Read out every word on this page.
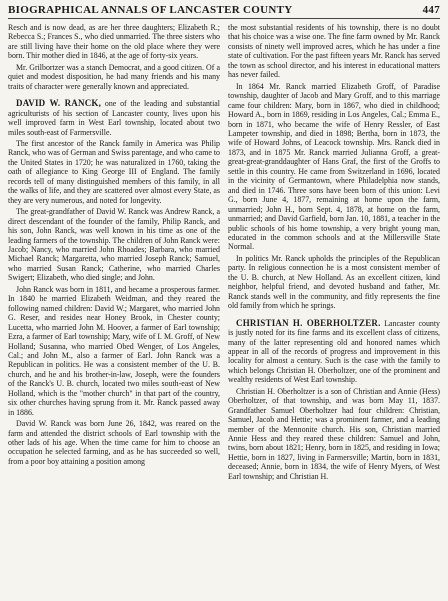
BIOGRAPHICAL ANNALS OF LANCASTER COUNTY	447

Resch and is now dead, as are her three daughters; Elizabeth R.; Rebecca S.; Frances S., who died unmarried. The three sisters who are still living have their home on the old place where they were born. Thir mother died in 1846, at the age of forty-six years.

Mr. Grilbortzer was a stanch Democrat, and a good citizen. Of a quiet and modest disposition, he had many friends and his many traits of character were generally known and appreciated.

DAVID W. RANCK, one of the leading and substantial agriculturists of his section of Lancaster county, lives upon his well improved farm in West Earl township, located about two miles south-east of Farmersville.

The first ancestor of the Ranck family in America was Philip Ranck, who was of German and Swiss parentage, and who came to the United States in 1720; he was naturalized in 1760, taking the oath of allegiance to King George III of England. The family records tell of many distinguished members of this family, in all the walks of life, and they are scattered over almost every State, as they are very numerous, and noted for longevity.

The great-grandfather of David W. Ranck was Andrew Ranck, a direct descendant of the founder of the family, Philip Ranck, and his son, John Ranck, was well known in his time as one of the leading farmers of the township. The children of John Ranck were: Jacob; Nancy, who married John Rhoades; Barbara, who married Michael Ranck; Margaretta, who married Joseph Ranck; Samuel, who married Susan Ranck; Catherine, who married Charles Swigert; Elizabeth, who died single; and John.

John Ranck was born in 1811, and became a prosperous farmer. In 1840 he married Elizabeth Weidman, and they reared the following named children: David W.; Margaret, who married John G. Reser, and resides near Honey Brook, in Chester county; Lucetta, who married John M. Hoover, a farmer of Earl township; Ezra, a farmer of Earl township; Mary, wife of I. M. Groff, of New Holland; Susanna, who married Obed Wenger, of Los Angeles, Cal.; and John M., also a farmer of Earl. John Ranck was a Republican in politics. He was a consistent member of the U. B. church, and he and his brother-in-law, Joseph, were the founders of the Ranck's U. B. church, located two miles south-east of New Holland, which is the "mother church" in that part of the country, six other churches having sprung from it. Mr. Ranck passed away in 1886.

David W. Ranck was born June 26, 1842, was reared on the farm and attended the district schools of Earl township with the other lads of his age. When the time came for him to choose an occupation he selected farming, and as he has succeeded so well, from a poor boy attaining a position among

the most substantial residents of his township, there is no doubt that his choice was a wise one. The fine farm owned by Mr. Ranck consists of ninety well improved acres, which he has under a fine state of cultivation. For the past fifteen years Mr. Ranck has served the town as school director, and his interest in educational matters has never failed.

In 1864 Mr. Ranck married Elizabeth Groff, of Paradise township, daughter of Jacob and Mary Groff, and to this marriage came four children: Mary, born in 1867, who died in childhood; Howard A., born in 1869, residing in Los Angeles, Cal.; Emma E., born in 1871, who became the wife of Henry Ressler, of East Lampeter township, and died in 1898; Bertha, born in 1873, the wife of Howard Johns, of Leacock township. Mrs. Ranck died in 1873, and in 1875 Mr. Ranck married Julianna Groff, a great-great-great-granddaughter of Hans Graf, the first of the Groffs to settle in this country. He came from Switzerland in 1696, located in the vicinity of Germantown, where Philadelphia now stands, and died in 1746. Three sons have been born of this union: Levi G., born June 4, 1877, remaining at home upon the farm, unmarried; John H., born Sept. 4, 1878, at home on the farm, unmarried; and David Garfield, born Jan. 10, 1881, a teacher in the public schools of his home township, a very bright young man, educated in the common schools and at the Millersville State Normal.

In politics Mr. Ranck upholds the principles of the Republican party. In religious connection he is a most consistent member of the U. B. church, at New Holland. As an excellent citizen, kind neighbor, helpful friend, and devoted husband and father, Mr. Ranck stands well in the community, and fitly represents the fine old family from which he springs.

CHRISTIAN H. OBERHOLTZER. Lancaster county is justly noted for its fine farms and its excellent class of citizens, many of the latter representing old and honored names which appear in all of the records of progress and improvement in this locality for almost a century. Such is the case with the family to which belongs Christian H. Oberholtzer, one of the prominent and wealthy residents of West Earl township.

Christian H. Oberholtzer is a son of Christian and Annie (Hess) Oberholtzer, of that township, and was born May 11, 1837. Grandfather Samuel Oberholtzer had four children: Christian, Samuel, Jacob and Hettie; was a prominent farmer, and a leading member of the Mennonite church. His son, Christian married Annie Hess and they reared these children: Samuel and John, twins, born about 1821; Henry, born in 1825, and residing in Iowa; Hettie, born in 1827, living in Farmersville; Martin, born in 1831, deceased; Annie, born in 1834, the wife of Henry Myers, of West Earl township; and Christian H.
